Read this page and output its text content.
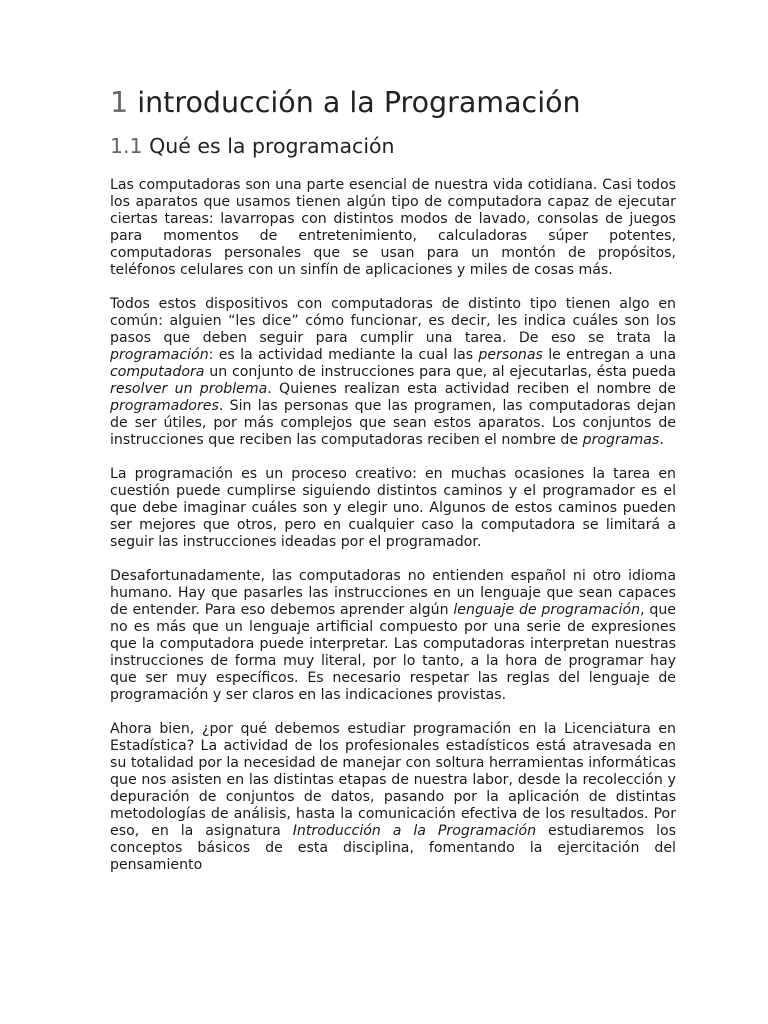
1 introducción a la Programación
1.1 Qué es la programación

Las computadoras son una parte esencial de nuestra vida cotidiana. Casi todos los aparatos que usamos tienen algún tipo de computadora capaz de ejecutar ciertas tareas: lavarropas con distintos modos de lavado, consolas de juegos para momentos de entretenimiento, calculadoras súper potentes, computadoras personales que se usan para un montón de propósitos, teléfonos celulares con un sinfín de aplicaciones y miles de cosas más.

Todos estos dispositivos con computadoras de distinto tipo tienen algo en común: alguien “les dice” cómo funcionar, es decir, les indica cuáles son los pasos que deben seguir para cumplir una tarea. De eso se trata la programación: es la actividad mediante la cual las personas le entregan a una computadora un conjunto de instrucciones para que, al ejecutarlas, ésta pueda resolver un problema. Quienes realizan esta actividad reciben el nombre de programadores. Sin las personas que las programen, las computadoras dejan de ser útiles, por más complejos que sean estos aparatos. Los conjuntos de instrucciones que reciben las computadoras reciben el nombre de programas.

La programación es un proceso creativo: en muchas ocasiones la tarea en cuestión puede cumplirse siguiendo distintos caminos y el programador es el que debe imaginar cuáles son y elegir uno. Algunos de estos caminos pueden ser mejores que otros, pero en cualquier caso la computadora se limitará a seguir las instrucciones ideadas por el programador.

Desafortunadamente, las computadoras no entienden español ni otro idioma humano. Hay que pasarles las instrucciones en un lenguaje que sean capaces de entender. Para eso debemos aprender algún lenguaje de programación, que no es más que un lenguaje artificial compuesto por una serie de expresiones que la computadora puede interpretar. Las computadoras interpretan nuestras instrucciones de forma muy literal, por lo tanto, a la hora de programar hay que ser muy específicos. Es necesario respetar las reglas del lenguaje de programación y ser claros en las indicaciones provistas.

Ahora bien, ¿por qué debemos estudiar programación en la Licenciatura en Estadística? La actividad de los profesionales estadísticos está atravesada en su totalidad por la necesidad de manejar con soltura herramientas informáticas que nos asisten en las distintas etapas de nuestra labor, desde la recolección y depuración de conjuntos de datos, pasando por la aplicación de distintas metodologías de análisis, hasta la comunicación efectiva de los resultados. Por eso, en la asignatura Introducción a la Programación estudiaremos los conceptos básicos de esta disciplina, fomentando la ejercitación del pensamiento
